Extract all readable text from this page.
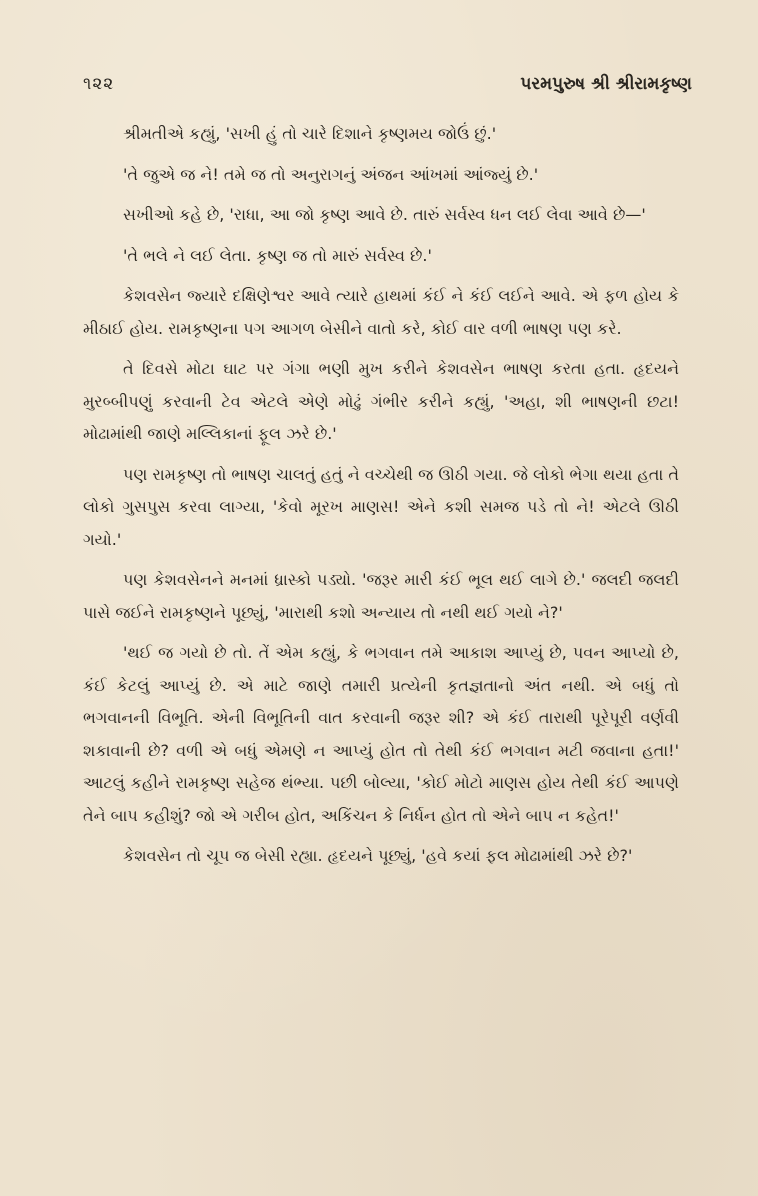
૧૨૨	પરમપુરુષ શ્રી શ્રીરામકૃષ્ણ

શ્રીમતીએ કહ્યું, 'સખી હું તો ચારે દિશાને કૃષ્ણમય જોઉં છું.'

'તે જુએ જ ને! તમે જ તો અનુરાગનું અંજન આંખમાં આંજ્યું છે.'

સખીઓ કહે છે, 'રાધા, આ જો કૃષ્ણ આવે છે. તારું સર્વસ્વ ધન લઈ લેવા આવે છે—'

'તે ભલે ને લઈ લેતા. કૃષ્ણ જ તો મારું સર્વસ્વ છે.'

કેશવસેન જ્યારે દક્ષિણેશ્વર આવે ત્યારે હાથમાં કંઈ ને કંઈ લઈને આવે. એ ફળ હોય કે મીઠાઈ હોય. રામકૃષ્ણના પગ આગળ બેસીને વાતો કરે, કોઈ વાર વળી ભાષણ પણ કરે.

તે દિવસે મોટા ઘાટ પર ગંગા ભણી મુખ કરીને કેશવસેન ભાષણ કરતા હતા. હૃદયને મુરબ્બીપણું કરવાની ટેવ એટલે એણે મોઢું ગંભીર કરીને કહ્યું, 'અહા, શી ભાષણની છટા! મોઢામાંથી જાણે મલ્લિકાનાં ફૂલ ઝરે છે.'

પણ રામકૃષ્ણ તો ભાષણ ચાલતું હતું ને વચ્ચેથી જ ઊઠી ગયા. જે લોકો ભેગા થયા હતા તે લોકો ગુસપુસ કરવા લાગ્યા, 'કેવો મૂરખ માણસ! એને કશી સમજ પડે તો ને! એટલે ઊઠી ગયો.'

પણ કેશવસેનને મનમાં ધ્રાસ્કો પડ્યો. 'જરૂર મારી કંઈ ભૂલ થઈ લાગે છે.' જલદી જલદી પાસે જઈને રામકૃષ્ણને પૂછ્યું, 'મારાથી કશો અન્યાય તો નથી થઈ ગયો ને?'

'થઈ જ ગયો છે તો. તેં એમ કહ્યું, કે ભગવાન તમે આકાશ આપ્યું છે, પવન આપ્યો છે, કંઈ કેટલું આપ્યું છે. એ માટે જાણે તમારી પ્રત્યેની કૃતજ્ઞતાનો અંત નથી. એ બધું તો ભગવાનની વિભૂતિ. એની વિભૂતિની વાત કરવાની જરૂર શી? એ કંઈ તારાથી પૂરેપૂરી વર્ણવી શકાવાની છે? વળી એ બધું એમણે ન આપ્યું હોત તો તેથી કંઈ ભગવાન મટી જવાના હતા!' આટલું કહીને રામકૃષ્ણ સહેજ થંભ્યા. પછી બોલ્યા, 'કોઈ મોટો માણસ હોય તેથી કંઈ આપણે તેને બાપ કહીશું? જો એ ગરીબ હોત, અકિંચન કે નિર્ધન હોત તો એને બાપ ન કહેત!'

કેશવસેન તો ચૂપ જ બેસી રહ્યા. હૃદયને પૂછ્યું, 'હવે કયાં ફલ મોઢામાંથી ઝરે છે?'
